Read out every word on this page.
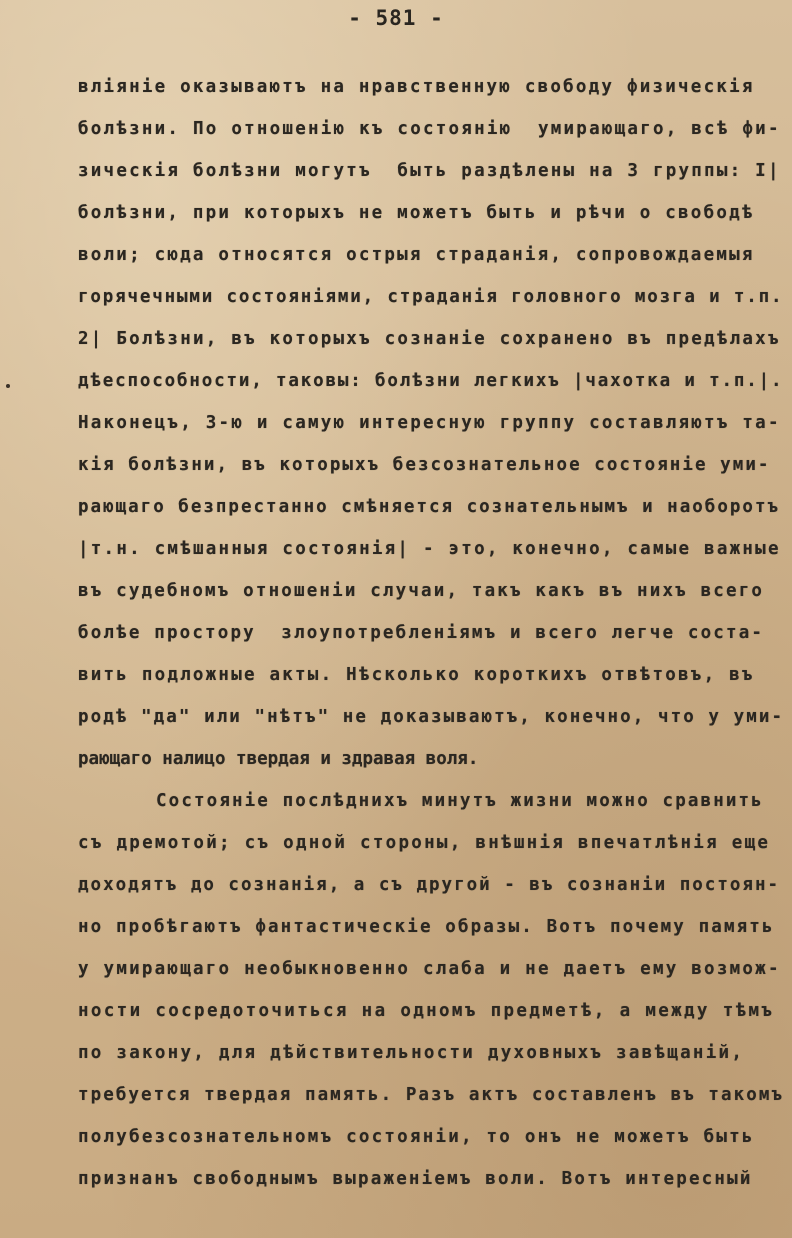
- 581 -
вліяніе оказываютъ на нравственную свободу физическія
болѣзни. По отношенію къ состоянію  умирающаго, всѣ фи-
зическія болѣзни могутъ  быть раздѣлены на 3 группы: I|
болѣзни, при которыхъ не можетъ быть и рѣчи о свободѣ
воли; сюда относятся острыя страданія, сопровождаемыя
горячечными состояніями, страданія головного мозга и т.п.
2| Болѣзни, въ которыхъ сознаніе сохранено въ предѣлахъ
дѣеспособности, таковы: болѣзни легкихъ |чахотка и т.п.|.
Наконецъ, 3-ю и самую интересную группу составляютъ та-
кія болѣзни, въ которыхъ безсознательное состояніе уми-
рающаго безпрестанно смѣняется сознательнымъ и наоборотъ
|т.н. смѣшанныя состоянія| - это, конечно, самые важные
въ судебномъ отношеніи случаи, такъ какъ въ нихъ всего
болѣе простору  злоупотребленіямъ и всего легче соста-
вить подложные акты. Нѣсколько короткихъ отвѣтовъ, въ
родѣ "да" или "нѣтъ" не доказываютъ, конечно, что у уми-
рающаго налицо твердая и здравая воля.
Состояніе послѣднихъ минутъ жизни можно сравнить
съ дремотой; съ одной стороны, внѣшнія впечатлѣнія еще
доходятъ до сознанія, а съ другой - въ сознаніи постоян-
но пробѣгаютъ фантастическіе образы. Вотъ почему память
у умирающаго необыкновенно слаба и не даетъ ему возмож-
ности сосредоточиться на одномъ предметѣ, а между тѣмъ
по закону, для дѣйствительности духовныхъ завѣщаній,
требуется твердая память. Разъ актъ составленъ въ такомъ
полубезсознательномъ состояніи, то онъ не можетъ быть
признанъ свободнымъ выраженіемъ воли. Вотъ интересный
